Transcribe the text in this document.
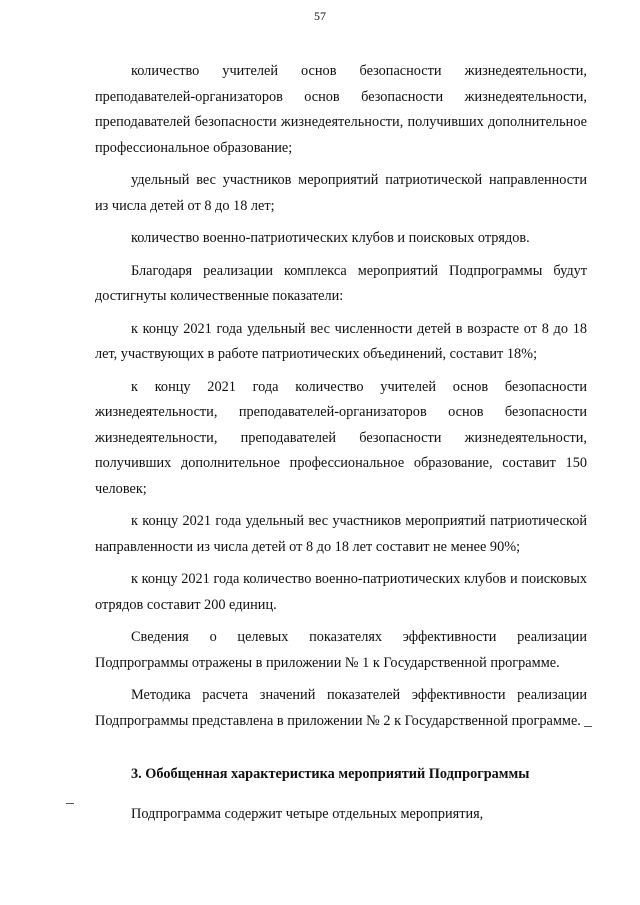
57

количество учителей основ безопасности жизнедеятельности, преподавателей-организаторов основ безопасности жизнедеятельности, преподавателей безопасности жизнедеятельности, получивших дополнительное профессиональное образование;

удельный вес участников мероприятий патриотической направленности из числа детей от 8 до 18 лет;

количество военно-патриотических клубов и поисковых отрядов.

Благодаря реализации комплекса мероприятий Подпрограммы будут достигнуты количественные показатели:

к концу 2021 года удельный вес численности детей в возрасте от 8 до 18 лет, участвующих в работе патриотических объединений, составит 18%;

к концу 2021 года количество учителей основ безопасности жизнедеятельности, преподавателей-организаторов основ безопасности жизнедеятельности, преподавателей безопасности жизнедеятельности, получивших дополнительное профессиональное образование, составит 150 человек;

к концу 2021 года удельный вес участников мероприятий патриотической направленности из числа детей от 8 до 18 лет составит не менее 90%;

к концу 2021 года количество военно-патриотических клубов и поисковых отрядов составит 200 единиц.

Сведения о целевых показателях эффективности реализации Подпрограммы отражены в приложении № 1 к Государственной программе.

Методика расчета значений показателей эффективности реализации Подпрограммы представлена в приложении № 2 к Государственной программе.

3. Обобщенная характеристика мероприятий Подпрограммы

Подпрограмма содержит четыре отдельных мероприятия,
